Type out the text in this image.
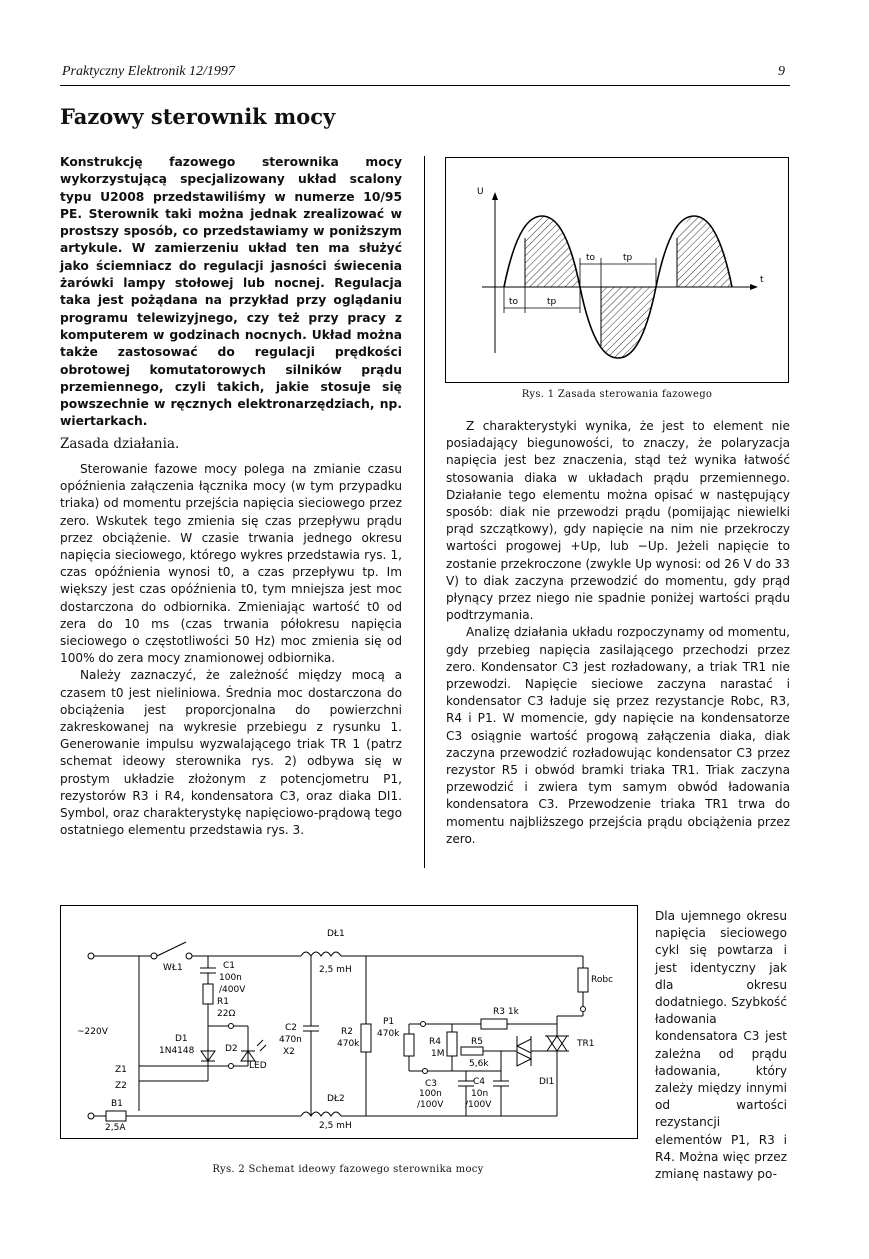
Praktyczny Elektronik 12/1997	9
Fazowy sterownik mocy
Konstrukcję fazowego sterownika mocy wykorzystującą specjalizowany układ scalony typu U2008 przedstawiliśmy w numerze 10/95 PE. Sterownik taki można jednak zrealizować w prostszy sposób, co przedstawiamy w poniższym artykule. W zamierzeniu układ ten ma służyć jako ściemniacz do regulacji jasności świecenia żarówki lampy stołowej lub nocnej. Regulacja taka jest pożądana na przykład przy oglądaniu programu telewizyjnego, czy też przy pracy z komputerem w godzinach nocnych. Układ można także zastosować do regulacji prędkości obrotowej komutatorowych silników prądu przemiennego, czyli takich, jakie stosuje się powszechnie w ręcznych elektronarzędziach, np. wiertarkach.
Zasada działania.

Sterowanie fazowe mocy polega na zmianie czasu opóźnienia załączenia łącznika mocy (w tym przypadku triaka) od momentu przejścia napięcia sieciowego przez zero. Wskutek tego zmienia się czas przepływu prądu przez obciążenie. W czasie trwania jednego okresu napięcia sieciowego, którego wykres przedstawia rys. 1, czas opóźnienia wynosi t0, a czas przepływu tp. Im większy jest czas opóźnienia t0, tym mniejsza jest moc dostarczona do odbiornika. Zmieniając wartość t0 od zera do 10 ms (czas trwania półokresu napięcia sieciowego o częstotliwości 50 Hz) moc zmienia się od 100% do zera mocy znamionowej odbiornika.

Należy zaznaczyć, że zależność między mocą a czasem t0 jest nieliniowa. Średnia moc dostarczona do obciążenia jest proporcjonalna do powierzchni zakreskowanej na wykresie przebiegu z rysunku 1. Generowanie impulsu wyzwalającego triak TR 1 (patrz schemat ideowy sterownika rys. 2) odbywa się w prostym układzie złożonym z potencjometru P1, rezystorów R3 i R4, kondensatora C3, oraz diaka DI1. Symbol, oraz charakterystykę napięciowo-prądową tego ostatniego elementu przedstawia rys. 3.

U
t
to	tp
to	tp
Rys. 1 Zasada sterowania fazowego

Z charakterystyki wynika, że jest to element nie posiadający biegunowości, to znaczy, że polaryzacja napięcia jest bez znaczenia, stąd też wynika łatwość stosowania diaka w układach prądu przemiennego. Działanie tego elementu można opisać w następujący sposób: diak nie przewodzi prądu (pomijając niewielki prąd szczątkowy), gdy napięcie na nim nie przekroczy wartości progowej +Up, lub −Up. Jeżeli napięcie to zostanie przekroczone (zwykle Up wynosi: od 26 V do 33 V) to diak zaczyna przewodzić do momentu, gdy prąd płynący przez niego nie spadnie poniżej wartości prądu podtrzymania.

Analizę działania układu rozpoczynamy od momentu, gdy przebieg napięcia zasilającego przechodzi przez zero. Kondensator C3 jest rozładowany, a triak TR1 nie przewodzi. Napięcie sieciowe zaczyna narastać i kondensator C3 ładuje się przez rezystancje Robc, R3, R4 i P1. W momencie, gdy napięcie na kondensatorze C3 osiągnie wartość progową załączenia diaka, diak zaczyna przewodzić rozładowując kondensator C3 przez rezystor R5 i obwód bramki triaka TR1. Triak zaczyna przewodzić i zwiera tym samym obwód ładowania kondensatora C3. Przewodzenie triaka TR1 trwa do momentu najbliższego przejścia prądu obciążenia przez zero.

DŁ1
2,5 mH
DŁ2
2,5 mH
WŁ1	C1
100n
/400V
R1
22Ω
D1
1N4148	D2
LED
C2
470n
X2
R2
470k
P1
470k
R3 1k
R4
1M
R5
5,6k
C3
100n
/100V
C4
10n
/100V
DI1
TR1
Robc
~220V
Z1
Z2
B1
2,5A
Rys. 2 Schemat ideowy fazowego sterownika mocy
Dla ujemnego okresu napięcia sieciowego cykl się powtarza i jest identyczny jak dla okresu dodatniego. Szybkość ładowania kondensatora C3 jest zależna od prądu ładowania, który zależy między innymi od wartości rezystancji elementów P1, R3 i R4. Można więc przez zmianę nastawy po-
